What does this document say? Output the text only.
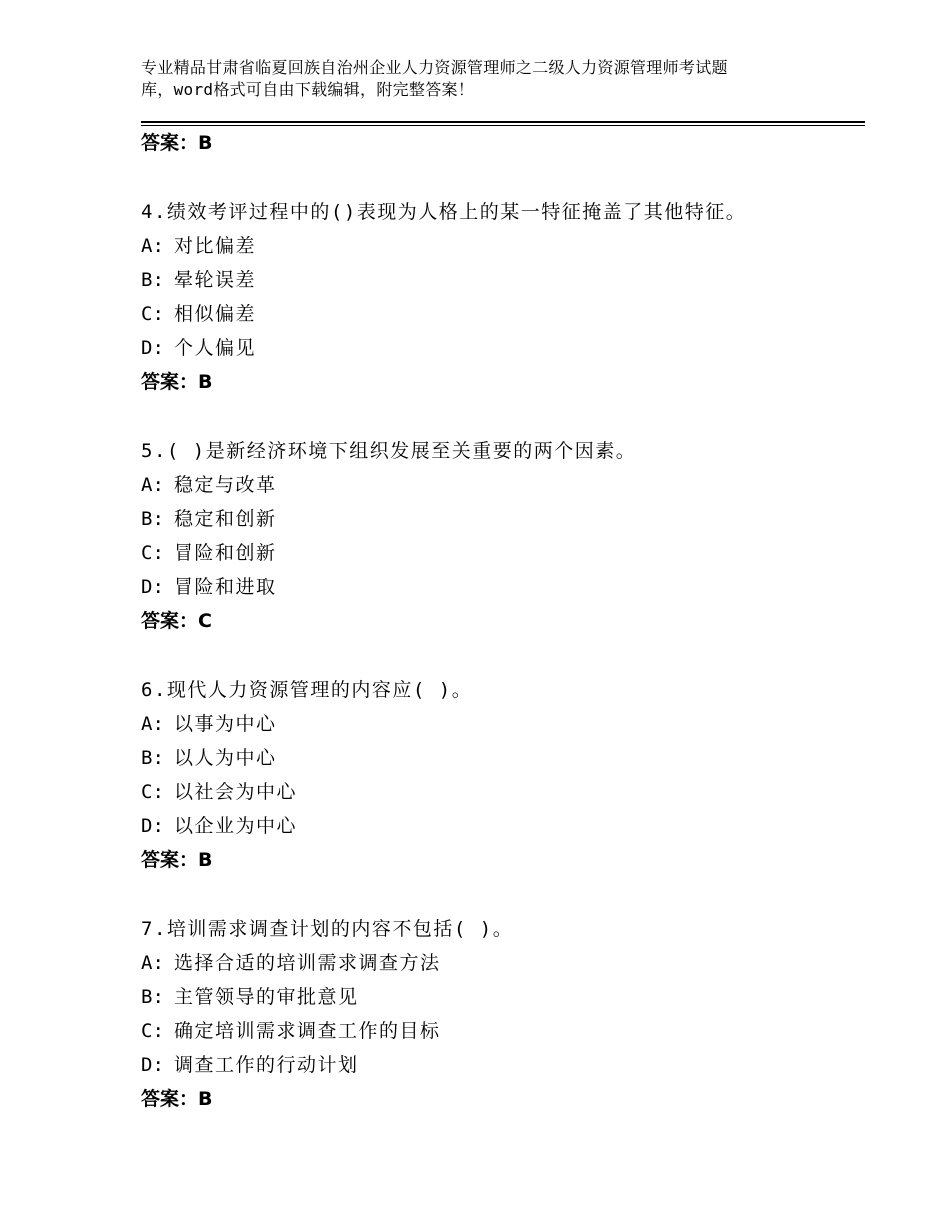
专业精品甘肃省临夏回族自治州企业人力资源管理师之二级人力资源管理师考试题
库，word格式可自由下载编辑，附完整答案！
答案：B
4.绩效考评过程中的()表现为人格上的某一特征掩盖了其他特征。
A: 对比偏差
B: 晕轮误差
C: 相似偏差
D: 个人偏见
答案：B
5.( )是新经济环境下组织发展至关重要的两个因素。
A: 稳定与改革
B: 稳定和创新
C: 冒险和创新
D: 冒险和进取
答案：C
6.现代人力资源管理的内容应( )。
A: 以事为中心
B: 以人为中心
C: 以社会为中心
D: 以企业为中心
答案：B
7.培训需求调查计划的内容不包括( )。
A: 选择合适的培训需求调查方法
B: 主管领导的审批意见
C: 确定培训需求调查工作的目标
D: 调查工作的行动计划
答案：B
